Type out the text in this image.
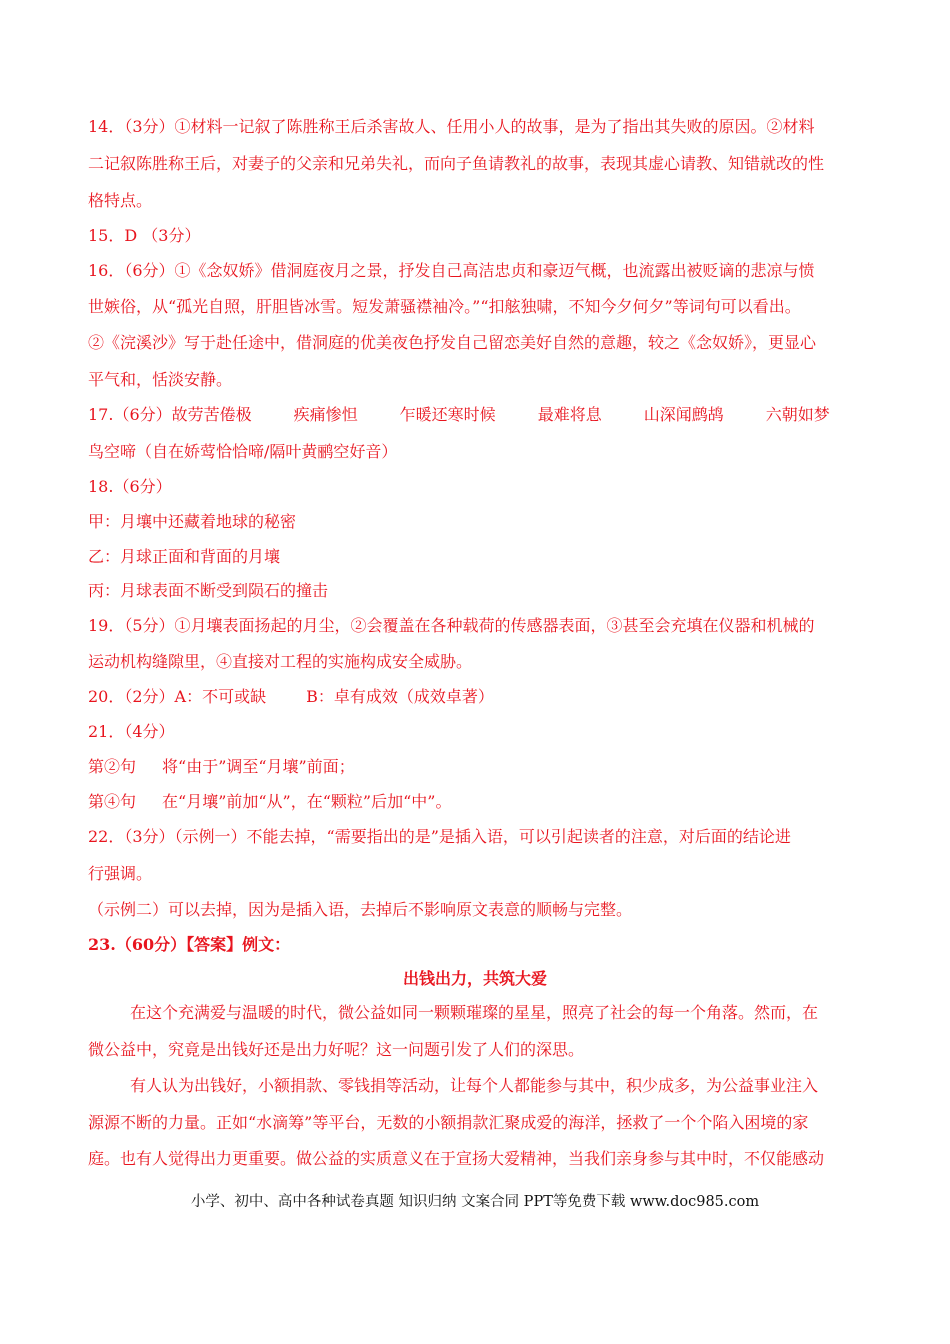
14．（3分）①材料一记叙了陈胜称王后杀害故人、任用小人的故事，是为了指出其失败的原因。②材料
二记叙陈胜称王后，对妻子的父亲和兄弟失礼，而向子鱼请教礼的故事，表现其虚心请教、知错就改的性
格特点。
15．D （3分）
16．（6分）①《念奴娇》借洞庭夜月之景，抒发自己高洁忠贞和豪迈气概，也流露出被贬谪的悲凉与愤
世嫉俗，从“孤光自照，肝胆皆冰雪。短发萧骚襟袖冷。”“扣舷独啸，不知今夕何夕”等词句可以看出。
②《浣溪沙》写于赴任途中，借洞庭的优美夜色抒发自己留恋美好自然的意趣，较之《念奴娇》，更显心
平气和，恬淡安静。
17.（6分）故劳苦倦极	疾痛惨怛	乍暖还寒时候	最难将息	山深闻鹧鸪	六朝如梦
鸟空啼（自在娇莺恰恰啼/隔叶黄鹂空好音）
18.（6分）
甲：月壤中还藏着地球的秘密
乙：月球正面和背面的月壤
丙：月球表面不断受到陨石的撞击
19．（5分）①月壤表面扬起的月尘，②会覆盖在各种载荷的传感器表面，③甚至会充填在仪器和机械的
运动机构缝隙里，④直接对工程的实施构成安全威胁。
20．（2分）A：不可或缺	B：卓有成效（成效卓著）
21．（4分）
第②句 将“由于”调至“月壤”前面；
第④句 在“月壤”前加“从”，在“颗粒”后加“中”。
22．（3分）（示例一）不能去掉，“需要指出的是”是插入语，可以引起读者的注意，对后面的结论进
行强调。
（示例二）可以去掉，因为是插入语，去掉后不影响原文表意的顺畅与完整。
23.（60分）【答案】例文：
出钱出力，共筑大爱
在这个充满爱与温暖的时代，微公益如同一颗颗璀璨的星星，照亮了社会的每一个角落。然而，在
微公益中，究竟是出钱好还是出力好呢？这一问题引发了人们的深思。
有人认为出钱好，小额捐款、零钱捐等活动，让每个人都能参与其中，积少成多，为公益事业注入
源源不断的力量。正如“水滴筹”等平台，无数的小额捐款汇聚成爱的海洋，拯救了一个个陷入困境的家
庭。也有人觉得出力更重要。做公益的实质意义在于宣扬大爱精神，当我们亲身参与其中时，不仅能感动
小学、初中、高中各种试卷真题 知识归纳 文案合同 PPT等免费下载 www.doc985.com
